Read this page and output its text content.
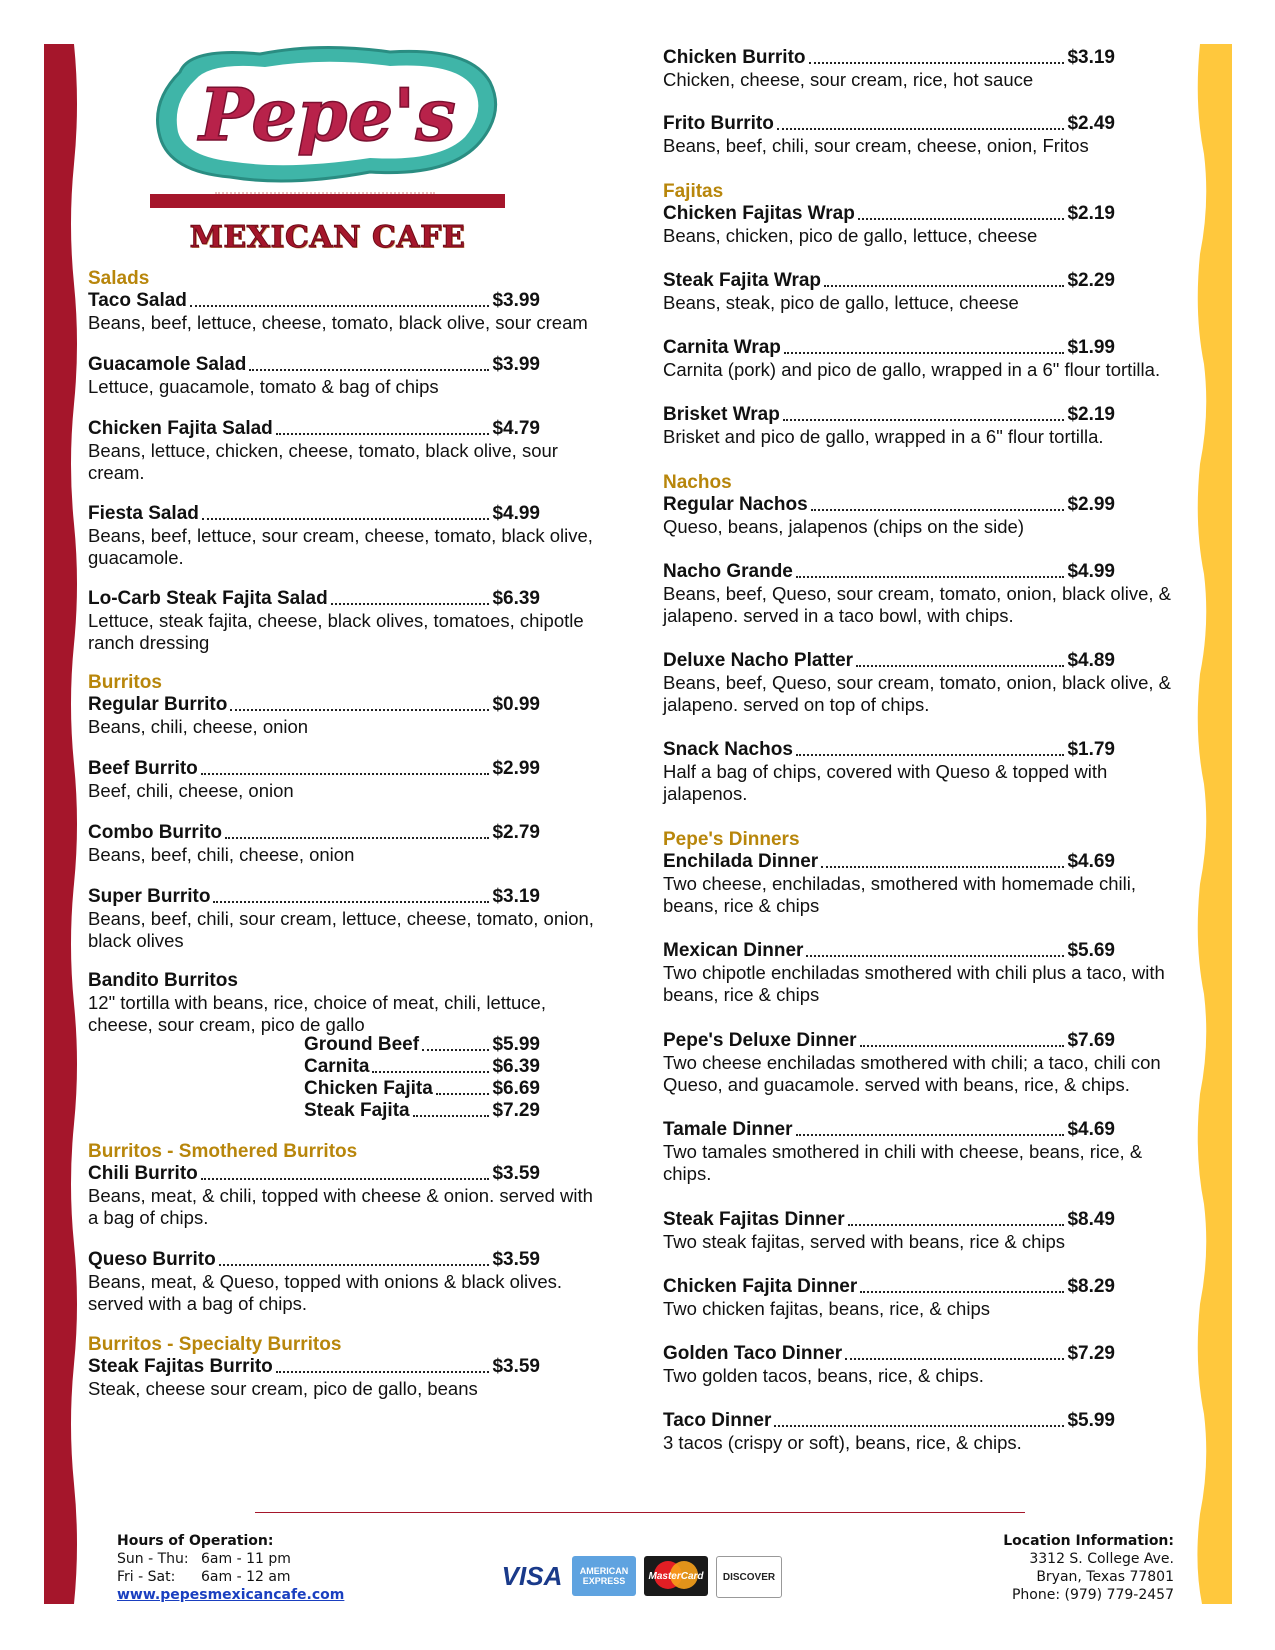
Pepe's
MEXICAN CAFE
Salads
Taco Salad	$3.99
Beans, beef, lettuce, cheese, tomato, black olive, sour cream
Guacamole Salad	$3.99
Lettuce, guacamole, tomato & bag of chips
Chicken Fajita Salad	$4.79
Beans, lettuce, chicken, cheese, tomato, black olive, sour cream.
Fiesta Salad	$4.99
Beans, beef, lettuce, sour cream, cheese, tomato, black olive, guacamole.
Lo-Carb Steak Fajita Salad	$6.39
Lettuce, steak fajita, cheese, black olives, tomatoes, chipotle ranch dressing
Burritos
Regular Burrito	$0.99
Beans, chili, cheese, onion
Beef Burrito	$2.99
Beef, chili, cheese, onion
Combo Burrito	$2.79
Beans, beef, chili, cheese, onion
Super Burrito	$3.19
Beans, beef, chili, sour cream, lettuce, cheese, tomato, onion, black olives
Bandito Burritos
12" tortilla with beans, rice, choice of meat, chili, lettuce, cheese, sour cream, pico de gallo
Ground Beef	$5.99
Carnita	$6.39
Chicken Fajita	$6.69
Steak Fajita	$7.29
Burritos - Smothered Burritos
Chili Burrito	$3.59
Beans, meat, & chili, topped with cheese & onion. served with a bag of chips.
Queso Burrito	$3.59
Beans, meat, & Queso, topped with onions & black olives. served with a bag of chips.
Burritos - Specialty Burritos
Steak Fajitas Burrito	$3.59
Steak, cheese sour cream, pico de gallo, beans
Chicken Burrito	$3.19
Chicken, cheese, sour cream, rice, hot sauce
Frito Burrito	$2.49
Beans, beef, chili, sour cream, cheese, onion, Fritos
Fajitas
Chicken Fajitas Wrap	$2.19
Beans, chicken, pico de gallo, lettuce, cheese
Steak Fajita Wrap	$2.29
Beans, steak, pico de gallo, lettuce, cheese
Carnita Wrap	$1.99
Carnita (pork) and pico de gallo, wrapped in a 6" flour tortilla.
Brisket Wrap	$2.19
Brisket and pico de gallo, wrapped in a 6" flour tortilla.
Nachos
Regular Nachos	$2.99
Queso, beans, jalapenos (chips on the side)
Nacho Grande	$4.99
Beans, beef, Queso, sour cream, tomato, onion, black olive, & jalapeno. served in a taco bowl, with chips.
Deluxe Nacho Platter	$4.89
Beans, beef, Queso, sour cream, tomato, onion, black olive, & jalapeno. served on top of chips.
Snack Nachos	$1.79
Half a bag of chips, covered with Queso & topped with jalapenos.
Pepe's Dinners
Enchilada Dinner	$4.69
Two cheese, enchiladas, smothered with homemade chili, beans, rice & chips
Mexican Dinner	$5.69
Two chipotle enchiladas smothered with chili plus a taco, with beans, rice & chips
Pepe's Deluxe Dinner	$7.69
Two cheese enchiladas smothered with chili; a taco, chili con Queso, and guacamole. served with beans, rice, & chips.
Tamale Dinner	$4.69
Two tamales smothered in chili with cheese, beans, rice, & chips.
Steak Fajitas Dinner	$8.49
Two steak fajitas, served with beans, rice & chips
Chicken Fajita Dinner	$8.29
Two chicken fajitas, beans, rice, & chips
Golden Taco Dinner	$7.29
Two golden tacos, beans, rice, & chips.
Taco Dinner	$5.99
3 tacos (crispy or soft), beans, rice, & chips.
Hours of Operation:
Sun - Thu: 6am - 11 pm
Fri - Sat: 6am - 12 am
www.pepesmexicancafe.com
VISA	AMERICAN EXPRESS	MasterCard	DISCOVER
Location Information:
3312 S. College Ave.
Bryan, Texas 77801
Phone: (979) 779-2457
